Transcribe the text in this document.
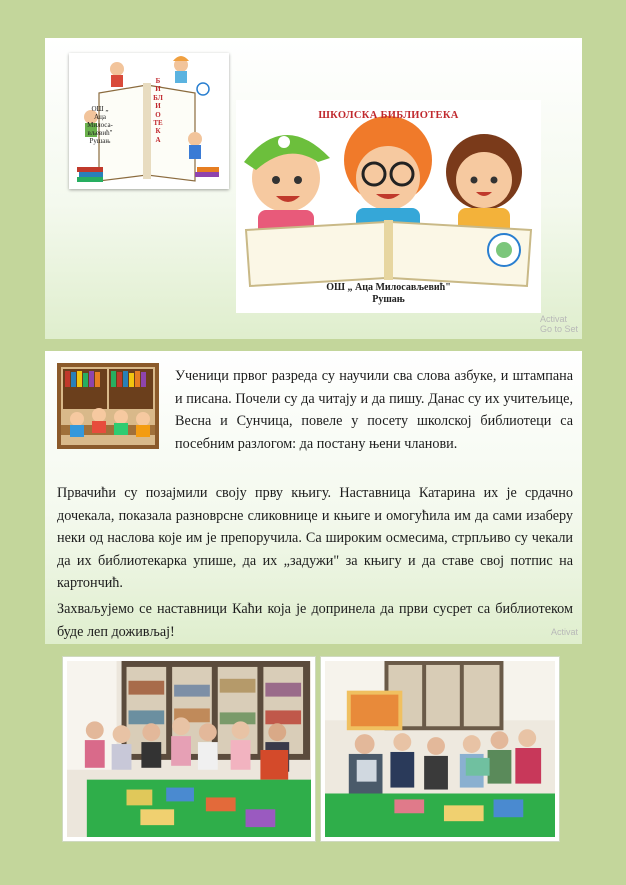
ОШ „
Аца
Милоса-
вљевић"
Рушањ
БИБЛИОТЕКА
ШКОЛСКА БИБЛИОТЕКА
ОШ „ Аца Милосављевић"
Рушањ
Activat
Go to Set

Ученици првог разреда су научили сва слова азбуке, и штампана и писана. Почели су да читају и да пишу. Данас су их учитељице, Весна и Сунчица, повеле у посету школској библиотеци са посебним разлогом: да постану њени чланови.

Првачићи су позајмили своју прву књигу. Наставница Катарина их је срдачно дочекала, показала разноврсне сликовнице и књиге и омогућила им да сами изаберу неки од наслова које им је препоручила. Са широким осмесима, стрпљиво су чекали да их библиотекарка упише, да их „задужи" за књигу и да ставе свој потпис на картончић.

Захваљујемо се наставници Каћи која је допринела да први сусрет са библиотеком буде леп доживљај!	Activat
